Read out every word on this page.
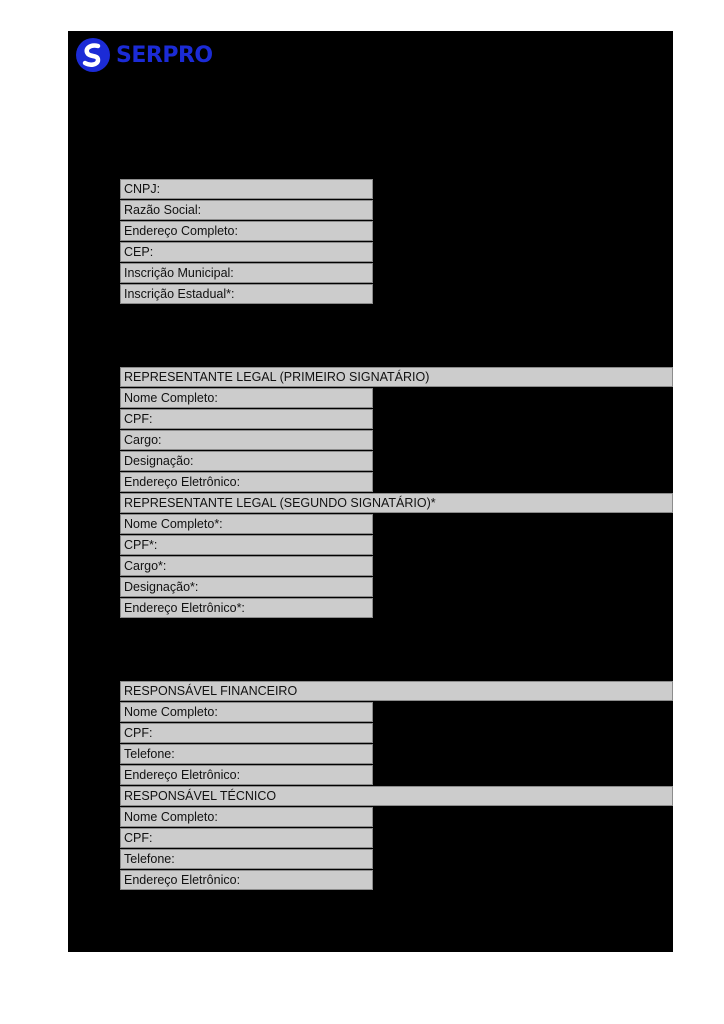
SERPRO
CNPJ:
Razão Social:
Endereço Completo:
CEP:
Inscrição Municipal:
Inscrição Estadual*:
REPRESENTANTE LEGAL (PRIMEIRO SIGNATÁRIO)
Nome Completo:
CPF:
Cargo:
Designação:
Endereço Eletrônico:
REPRESENTANTE LEGAL (SEGUNDO SIGNATÁRIO)*
Nome Completo*:
CPF*:
Cargo*:
Designação*:
Endereço Eletrônico*:
RESPONSÁVEL FINANCEIRO
Nome Completo:
CPF:
Telefone:
Endereço Eletrônico:
RESPONSÁVEL TÉCNICO
Nome Completo:
CPF:
Telefone:
Endereço Eletrônico:
